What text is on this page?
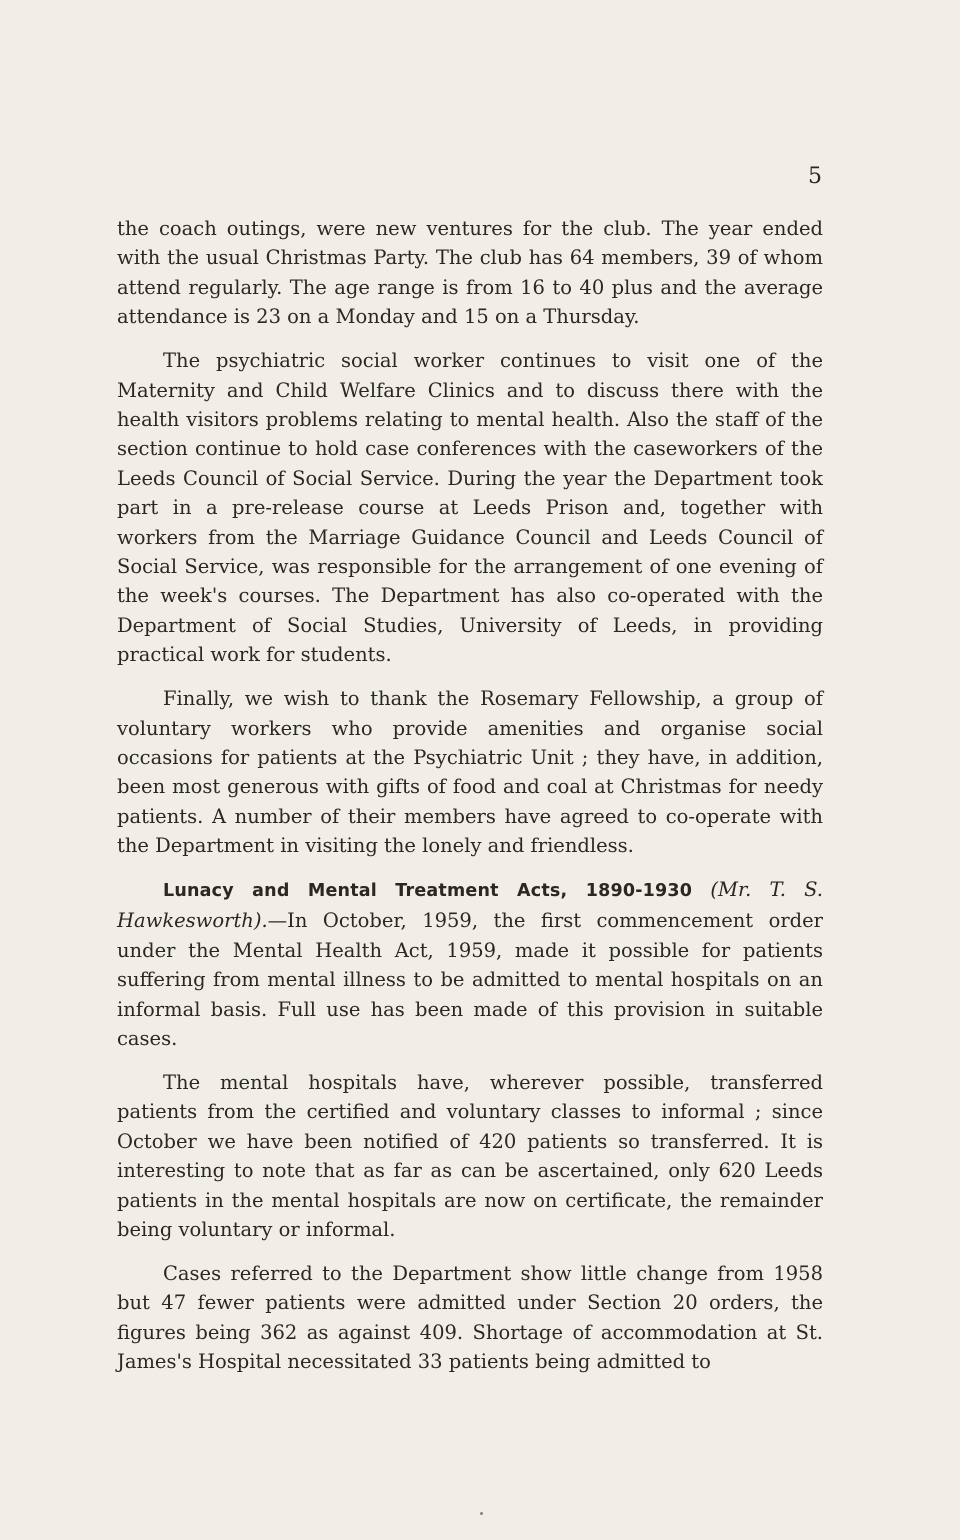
5

the coach outings, were new ventures for the club. The year ended with the usual Christmas Party. The club has 64 members, 39 of whom attend regularly. The age range is from 16 to 40 plus and the average attendance is 23 on a Monday and 15 on a Thursday.

The psychiatric social worker continues to visit one of the Maternity and Child Welfare Clinics and to discuss there with the health visitors problems relating to mental health. Also the staff of the section continue to hold case conferences with the caseworkers of the Leeds Council of Social Service. During the year the Department took part in a pre-release course at Leeds Prison and, together with workers from the Marriage Guidance Council and Leeds Council of Social Service, was responsible for the arrangement of one evening of the week's courses. The Department has also co-operated with the Department of Social Studies, University of Leeds, in providing practical work for students.

Finally, we wish to thank the Rosemary Fellowship, a group of voluntary workers who provide amenities and organise social occasions for patients at the Psychiatric Unit ; they have, in addition, been most generous with gifts of food and coal at Christmas for needy patients. A number of their members have agreed to co-operate with the Department in visiting the lonely and friendless.

Lunacy and Mental Treatment Acts, 1890-1930 (Mr. T. S. Hawkesworth).—In October, 1959, the first commencement order under the Mental Health Act, 1959, made it possible for patients suffering from mental illness to be admitted to mental hospitals on an informal basis. Full use has been made of this provision in suitable cases.

The mental hospitals have, wherever possible, transferred patients from the certified and voluntary classes to informal ; since October we have been notified of 420 patients so transferred. It is interesting to note that as far as can be ascertained, only 620 Leeds patients in the mental hospitals are now on certificate, the remainder being voluntary or informal.

Cases referred to the Department show little change from 1958 but 47 fewer patients were admitted under Section 20 orders, the figures being 362 as against 409. Shortage of accommodation at St. James's Hospital necessitated 33 patients being admitted to
